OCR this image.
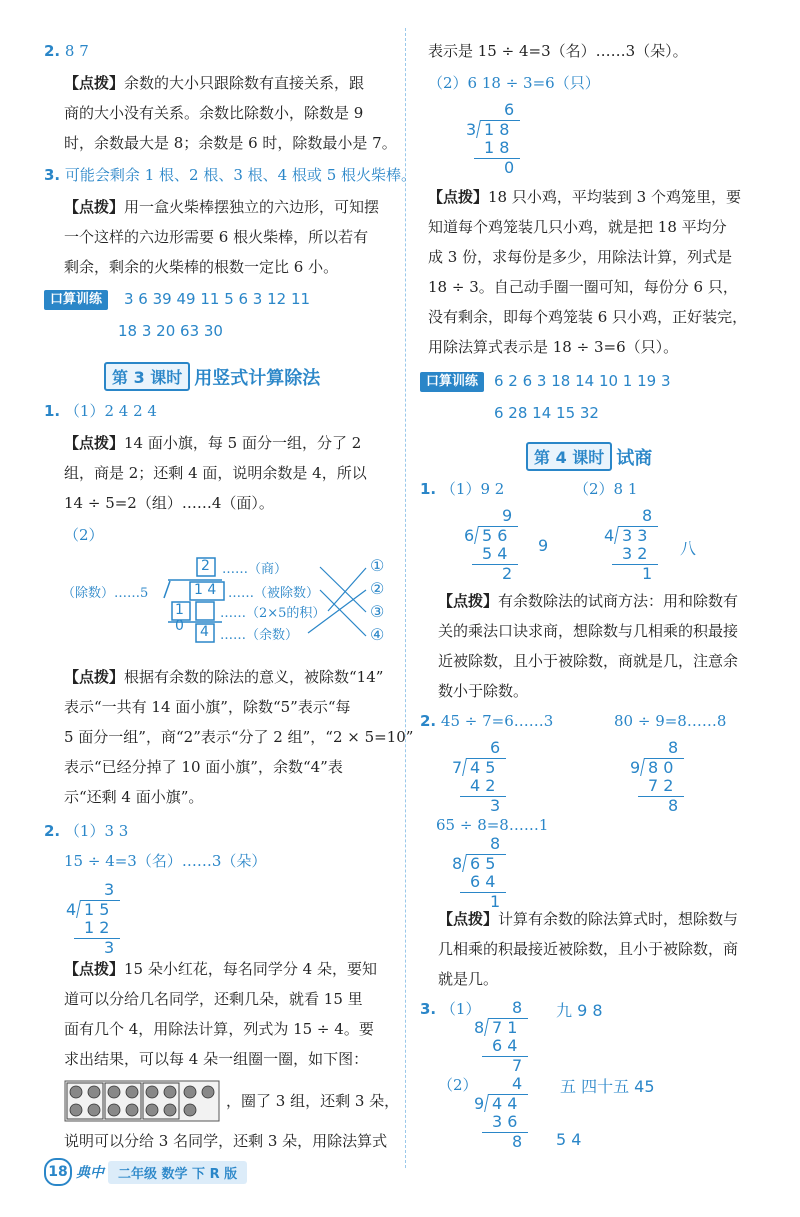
2. 8 7
【点拨】余数的大小只跟除数有直接关系，跟
商的大小没有关系。余数比除数小，除数是 9
时，余数最大是 8；余数是 6 时，除数最小是 7。
3. 可能会剩余 1 根、2 根、3 根、4 根或 5 根火柴棒。
【点拨】用一盒火柴棒摆独立的六边形，可知摆
一个这样的六边形需要 6 根火柴棒，所以若有
剩余，剩余的火柴棒的根数一定比 6 小。
口算训练	3 6 39 49 11 5 6 3 12 11
18 3 20 63 30
第 3 课时 用竖式计算除法
1. （1）2 4 2 4
【点拨】14 面小旗，每 5 面分一组，分了 2
组，商是 2；还剩 4 面，说明余数是 4，所以
14 ÷ 5=2（组）……4（面）。
（2）
（除数）……5
2
1 4
1 0 4
……（商）
……（被除数）
……（2×5的积）
……（余数）
①
②
③
④
【点拨】根据有余数的除法的意义，被除数“14”
表示“一共有 14 面小旗”，除数“5”表示“每
5 面分一组”，商“2”表示“分了 2 组”，“2 × 5=10”
表示“已经分掉了 10 面小旗”，余数“4”表
示“还剩 4 面小旗”。
2. （1）3 3
15 ÷ 4=3（名）……3（朵）
3
4 1 5
1 2
3
【点拨】15 朵小红花，每名同学分 4 朵，要知
道可以分给几名同学，还剩几朵，就看 15 里
面有几个 4，用除法计算，列式为 15 ÷ 4。要
求出结果，可以每 4 朵一组圈一圈，如下图：
，圈了 3 组，还剩 3 朵，
说明可以分给 3 名同学，还剩 3 朵，用除法算式
表示是 15 ÷ 4=3（名）……3（朵）。
（2）6 18 ÷ 3=6（只）
6
3 1 8
1 8
0
【点拨】18 只小鸡，平均装到 3 个鸡笼里，要
知道每个鸡笼装几只小鸡，就是把 18 平均分
成 3 份，求每份是多少，用除法计算，列式是
18 ÷ 3。自己动手圈一圈可知，每份分 6 只，
没有剩余，即每个鸡笼装 6 只小鸡，正好装完，
用除法算式表示是 18 ÷ 3=6（只）。
口算训练	6 2 6 3 18 14 10 1 19 3
6 28 14 15 32
第 4 课时 试商
1. （1）9 2	（2）8 1
9
6 5 6
5 4
2
9
8
4 3 3
3 2
1
八
【点拨】有余数除法的试商方法：用和除数有
关的乘法口诀求商，想除数与几相乘的积最接
近被除数，且小于被除数，商就是几，注意余
数小于除数。
2. 45 ÷ 7=6……3	80 ÷ 9=8……8
6
7 4 5
4 2
3
8
9 8 0
7 2
8
65 ÷ 8=8……1
8
8 6 5
6 4
1
【点拨】计算有余数的除法算式时，想除数与
几相乘的积最接近被除数，且小于被除数，商
就是几。
3. （1） 8
8 7 1
6 4
7
九 9 8
（2） 4
9 4 4
3 6
8
五 四十五 45
5 4
18 典中	二年级 数学 下 R 版
